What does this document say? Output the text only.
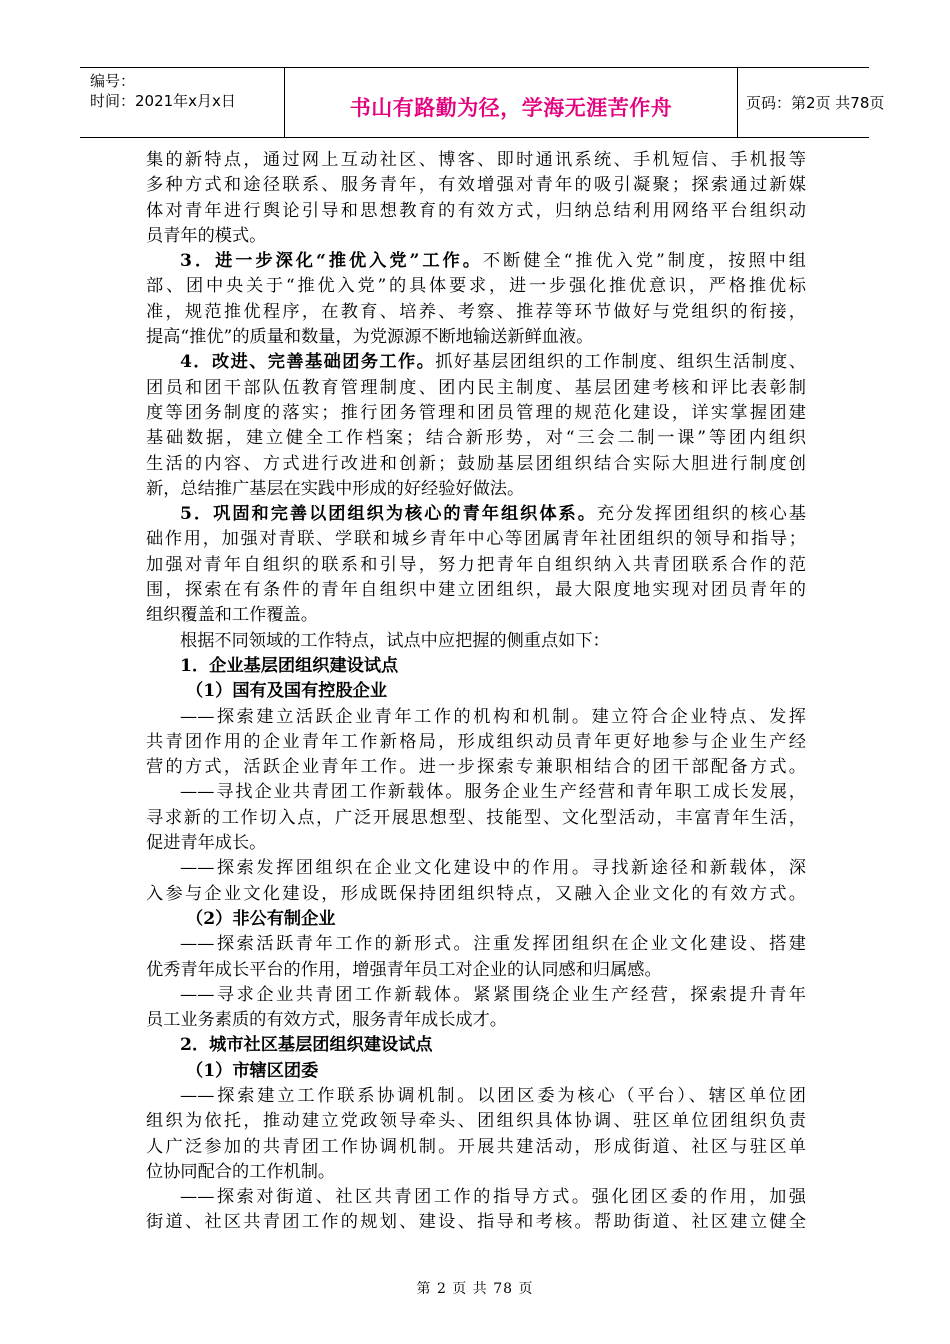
编号：
时间：2021年x月x日	书山有路勤为径，学海无涯苦作舟	页码：第2页 共78页
集的新特点，通过网上互动社区、博客、即时通讯系统、手机短信、手机报等
多种方式和途径联系、服务青年，有效增强对青年的吸引凝聚；探索通过新媒
体对青年进行舆论引导和思想教育的有效方式，归纳总结利用网络平台组织动
员青年的模式。
3．进一步深化“推优入党”工作。不断健全“推优入党”制度，按照中组
部、团中央关于“推优入党”的具体要求，进一步强化推优意识，严格推优标
准，规范推优程序，在教育、培养、考察、推荐等环节做好与党组织的衔接，
提高“推优”的质量和数量，为党源源不断地输送新鲜血液。
4．改进、完善基础团务工作。抓好基层团组织的工作制度、组织生活制度、
团员和团干部队伍教育管理制度、团内民主制度、基层团建考核和评比表彰制
度等团务制度的落实；推行团务管理和团员管理的规范化建设，详实掌握团建
基础数据，建立健全工作档案；结合新形势，对“三会二制一课”等团内组织
生活的内容、方式进行改进和创新；鼓励基层团组织结合实际大胆进行制度创
新，总结推广基层在实践中形成的好经验好做法。
5．巩固和完善以团组织为核心的青年组织体系。充分发挥团组织的核心基
础作用，加强对青联、学联和城乡青年中心等团属青年社团组织的领导和指导；
加强对青年自组织的联系和引导，努力把青年自组织纳入共青团联系合作的范
围，探索在有条件的青年自组织中建立团组织，最大限度地实现对团员青年的
组织覆盖和工作覆盖。
根据不同领域的工作特点，试点中应把握的侧重点如下：
1．企业基层团组织建设试点
（1）国有及国有控股企业
——探索建立活跃企业青年工作的机构和机制。建立符合企业特点、发挥
共青团作用的企业青年工作新格局，形成组织动员青年更好地参与企业生产经
营的方式，活跃企业青年工作。进一步探索专兼职相结合的团干部配备方式。
——寻找企业共青团工作新载体。服务企业生产经营和青年职工成长发展，
寻求新的工作切入点，广泛开展思想型、技能型、文化型活动，丰富青年生活，
促进青年成长。
——探索发挥团组织在企业文化建设中的作用。寻找新途径和新载体，深
入参与企业文化建设，形成既保持团组织特点，又融入企业文化的有效方式。
（2）非公有制企业
——探索活跃青年工作的新形式。注重发挥团组织在企业文化建设、搭建
优秀青年成长平台的作用，增强青年员工对企业的认同感和归属感。
——寻求企业共青团工作新载体。紧紧围绕企业生产经营，探索提升青年
员工业务素质的有效方式，服务青年成长成才。
2．城市社区基层团组织建设试点
（1）市辖区团委
——探索建立工作联系协调机制。以团区委为核心（平台）、辖区单位团
组织为依托，推动建立党政领导牵头、团组织具体协调、驻区单位团组织负责
人广泛参加的共青团工作协调机制。开展共建活动，形成街道、社区与驻区单
位协同配合的工作机制。
——探索对街道、社区共青团工作的指导方式。强化团区委的作用，加强
街道、社区共青团工作的规划、建设、指导和考核。帮助街道、社区建立健全
第 2 页 共 78 页
